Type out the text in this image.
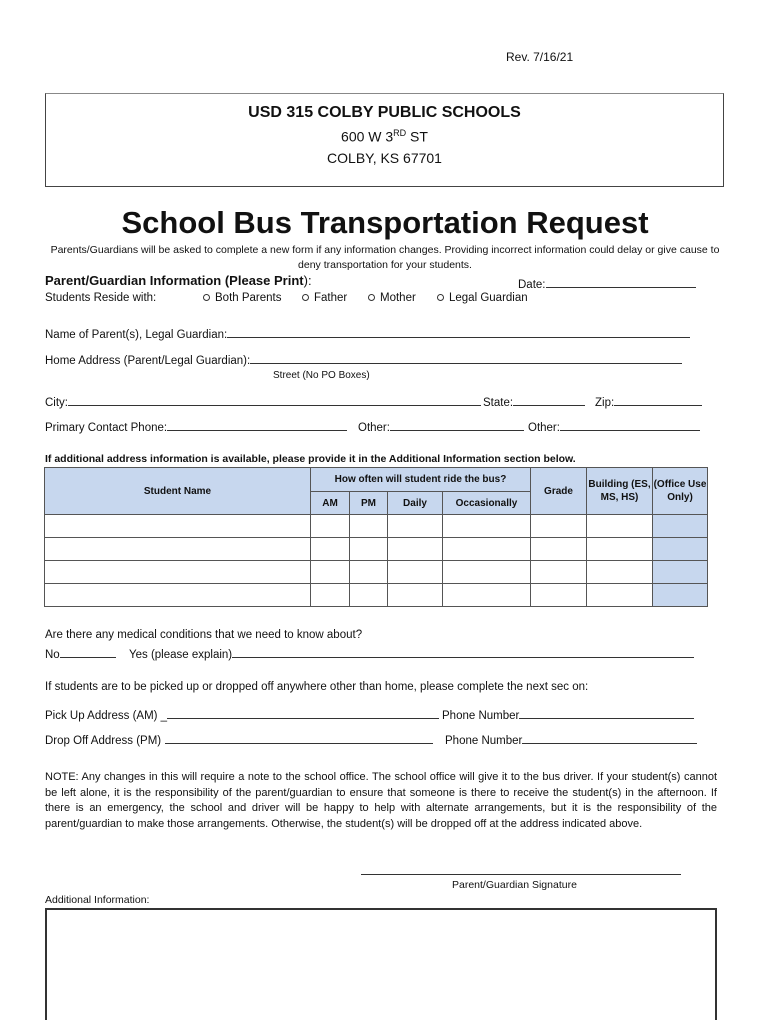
Rev. 7/16/21
USD 315 COLBY PUBLIC SCHOOLS
600 W 3RD ST
COLBY, KS 67701
School Bus Transportation Request
Parents/Guardians will be asked to complete a new form if any information changes. Providing incorrect information could delay or give cause to deny transportation for your students.
Parent/Guardian Information (Please Print):	Date:
Students Reside with:	Both Parents	Father	Mother	Legal Guardian
Name of Parent(s), Legal Guardian:
Home Address (Parent/Legal Guardian):
Street (No PO Boxes)
City:	State:	Zip:
Primary Contact Phone:	Other:	Other:
If additional address information is available, please provide it in the Additional Information section below.
Student Name	How often will student ride the bus?				Grade	Building (ES, MS, HS)	(Office Use Only)
	AM	PM	Daily	Occasionally			

Are there any medical conditions that we need to know about?
No	Yes (please explain)
If students are to be picked up or dropped off anywhere other than home, please complete the next sec on:
Pick Up Address (AM) _	Phone Number
Drop Off Address (PM)	Phone Number
NOTE: Any changes in this will require a note to the school office. The school office will give it to the bus driver. If your student(s) cannot be left alone, it is the responsibility of the parent/guardian to ensure that someone is there to receive the student(s) in the afternoon. If there is an emergency, the school and driver will be happy to help with alternate arrangements, but it is the responsibility of the parent/guardian to make those arrangements. Otherwise, the student(s) will be dropped off at the address indicated above.
Parent/Guardian Signature
Additional Information:
